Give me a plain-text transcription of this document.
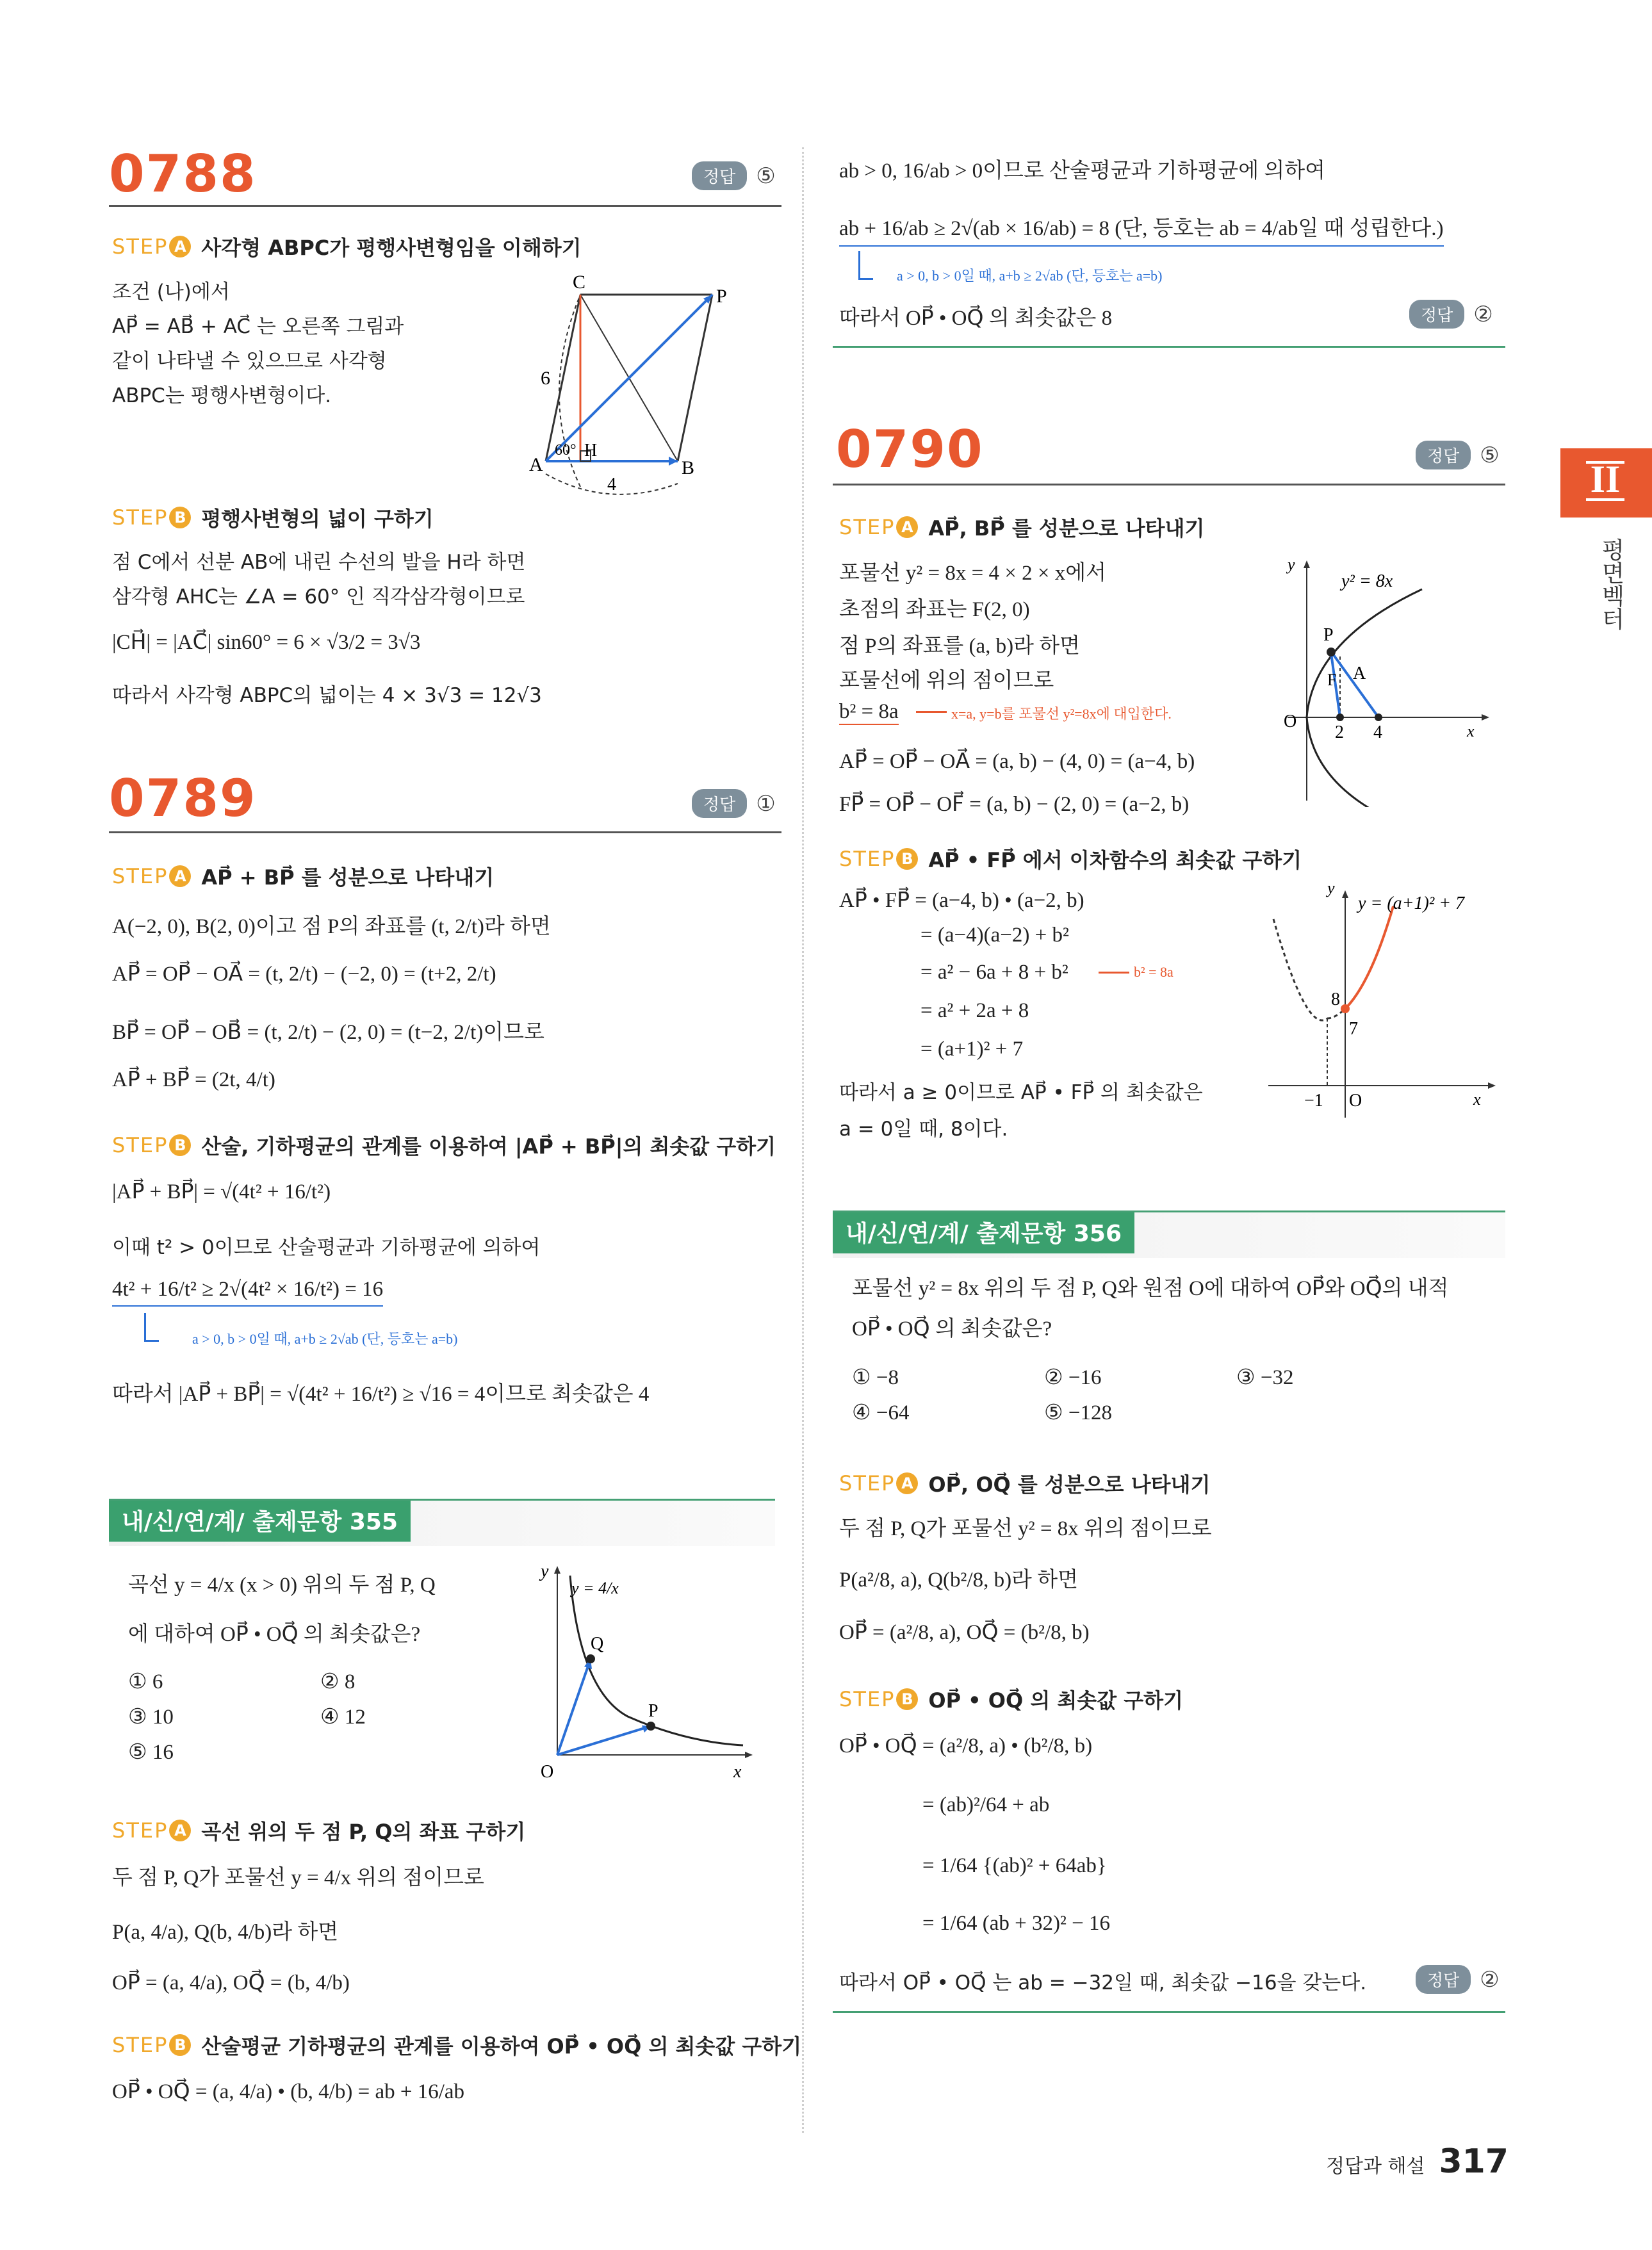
II
평면벡터
0788	정답 ⑤
STEP A 사각형 ABPC가 평행사변형임을 이해하기
조건 (나)에서
AP⃗ = AB⃗ + AC⃗ 는 오른쪽 그림과
같이 나타낼 수 있으므로 사각형
ABPC는 평행사변형이다.
C
P
A	B
H
6
4
60°
STEP B 평행사변형의 넓이 구하기
점 C에서 선분 AB에 내린 수선의 발을 H라 하면
삼각형 AHC는 ∠A = 60° 인 직각삼각형이므로
|CH⃗| = |AC⃗| sin60° = 6 × √3/2 = 3√3
따라서 사각형 ABPC의 넓이는 4 × 3√3 = 12√3
0789	정답 ①
STEP A AP⃗ + BP⃗ 를 성분으로 나타내기
A(−2, 0), B(2, 0)이고 점 P의 좌표를 (t, 2/t)라 하면
AP⃗ = OP⃗ − OA⃗ = (t, 2/t) − (−2, 0) = (t+2, 2/t)
BP⃗ = OP⃗ − OB⃗ = (t, 2/t) − (2, 0) = (t−2, 2/t)이므로
AP⃗ + BP⃗ = (2t, 4/t)
STEP B 산술, 기하평균의 관계를 이용하여 |AP⃗ + BP⃗|의 최솟값 구하기
|AP⃗ + BP⃗| = √(4t² + 16/t²)
이때 t² > 0이므로 산술평균과 기하평균에 의하여
4t² + 16/t² ≥ 2√(4t² × 16/t²) = 16
a > 0, b > 0일 때, a+b ≥ 2√ab (단, 등호는 a=b)
따라서 |AP⃗ + BP⃗| = √(4t² + 16/t²) ≥ √16 = 4이므로 최솟값은 4
내/신/연/계/ 출제문항 355
곡선 y = 4/x (x > 0) 위의 두 점 P, Q
에 대하여 OP⃗ • OQ⃗ 의 최솟값은?
① 6	② 8
③ 10	④ 12
⑤ 16
y
x
O
Q
P
y = 4/x
STEP A 곡선 위의 두 점 P, Q의 좌표 구하기
두 점 P, Q가 포물선 y = 4/x 위의 점이므로
P(a, 4/a), Q(b, 4/b)라 하면
OP⃗ = (a, 4/a), OQ⃗ = (b, 4/b)
STEP B 산술평균 기하평균의 관계를 이용하여 OP⃗ • OQ⃗ 의 최솟값 구하기
OP⃗ • OQ⃗ = (a, 4/a) • (b, 4/b) = ab + 16/ab
ab > 0, 16/ab > 0이므로 산술평균과 기하평균에 의하여
ab + 16/ab ≥ 2√(ab × 16/ab) = 8 (단, 등호는 ab = 4/ab일 때 성립한다.)
a > 0, b > 0일 때, a+b ≥ 2√ab (단, 등호는 a=b)
따라서 OP⃗ • OQ⃗ 의 최솟값은 8	정답 ②
0790	정답 ⑤
STEP A AP⃗, BP⃗ 를 성분으로 나타내기
포물선 y² = 8x = 4 × 2 × x에서
초점의 좌표는 F(2, 0)
점 P의 좌표를 (a, b)라 하면
포물선에 위의 점이므로
b² = 8a	x=a, y=b를 포물선 y²=8x에 대입한다.
AP⃗ = OP⃗ − OA⃗ = (a, b) − (4, 0) = (a−4, b)
FP⃗ = OP⃗ − OF⃗ = (a, b) − (2, 0) = (a−2, b)
y
x
O
P
F A
2 4
y² = 8x
STEP B AP⃗ • FP⃗ 에서 이차함수의 최솟값 구하기
AP⃗ • FP⃗ = (a−4, b) • (a−2, b)
= (a−4)(a−2) + b²
= a² − 6a + 8 + b²	b² = 8a
= a² + 2a + 8
= (a+1)² + 7
따라서 a ≥ 0이므로 AP⃗ • FP⃗ 의 최솟값은
a = 0일 때, 8이다.
y
x
O
−1
8
7
y = (a+1)² + 7
내/신/연/계/ 출제문항 356
포물선 y² = 8x 위의 두 점 P, Q와 원점 O에 대하여 OP⃗와 OQ⃗의 내적
OP⃗ • OQ⃗ 의 최솟값은?
① −8	② −16	③ −32
④ −64	⑤ −128
STEP A OP⃗, OQ⃗ 를 성분으로 나타내기
두 점 P, Q가 포물선 y² = 8x 위의 점이므로
P(a²/8, a), Q(b²/8, b)라 하면
OP⃗ = (a²/8, a), OQ⃗ = (b²/8, b)
STEP B OP⃗ • OQ⃗ 의 최솟값 구하기
OP⃗ • OQ⃗ = (a²/8, a) • (b²/8, b)
= (ab)²/64 + ab
= 1/64 {(ab)² + 64ab}
= 1/64 (ab + 32)² − 16
따라서 OP⃗ • OQ⃗ 는 ab = −32일 때, 최솟값 −16을 갖는다.	정답 ②
정답과 해설 317
